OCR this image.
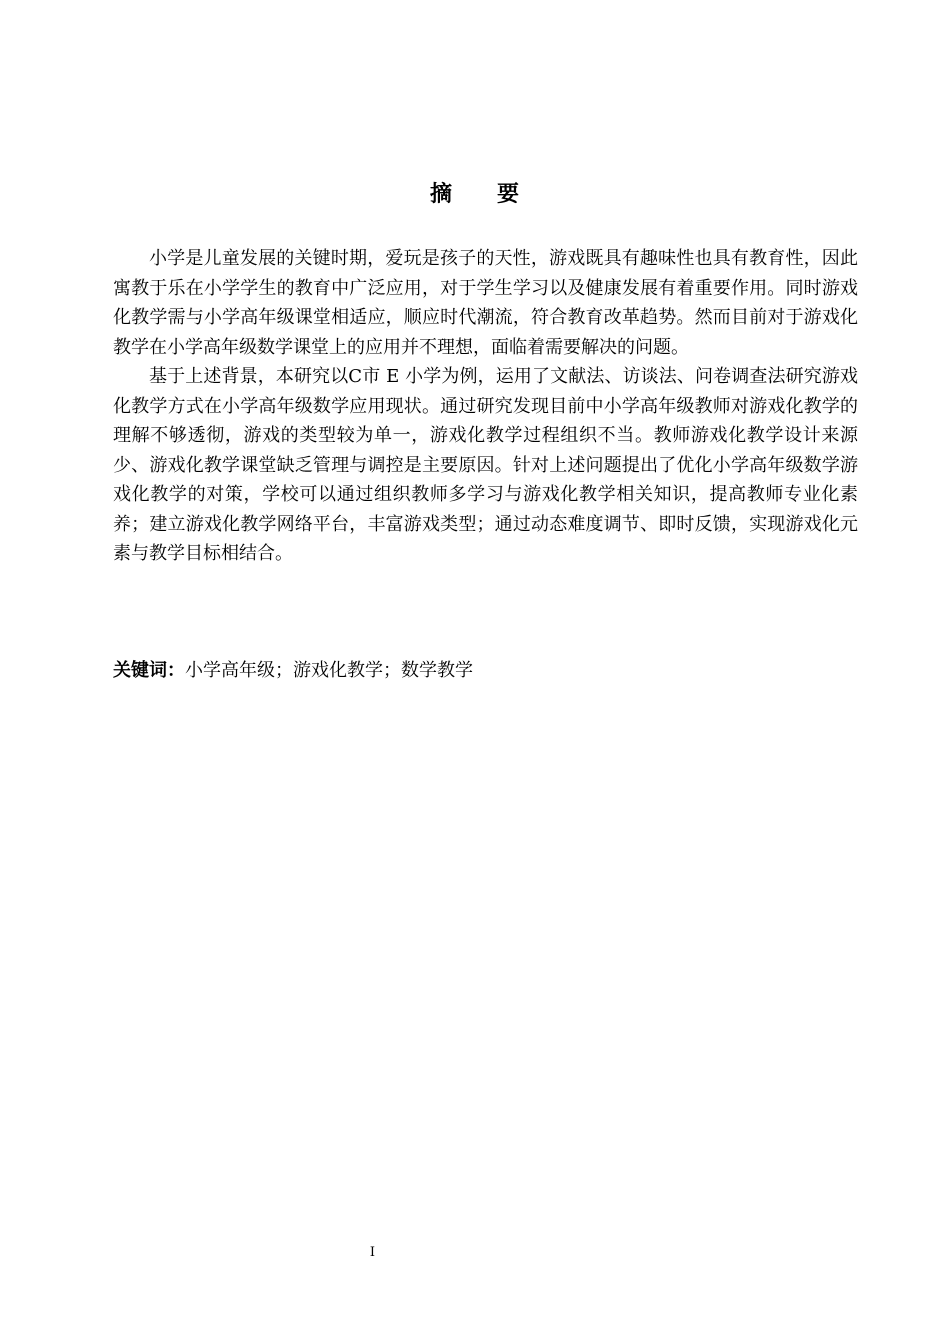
摘 要

小学是儿童发展的关键时期，爱玩是孩子的天性，游戏既具有趣味性也具有教育性，因此寓教于乐在小学学生的教育中广泛应用，对于学生学习以及健康发展有着重要作用。同时游戏化教学需与小学高年级课堂相适应，顺应时代潮流，符合教育改革趋势。然而目前对于游戏化教学在小学高年级数学课堂上的应用并不理想，面临着需要解决的问题。

基于上述背景，本研究以C市 E 小学为例，运用了文献法、访谈法、问卷调查法研究游戏化教学方式在小学高年级数学应用现状。通过研究发现目前中小学高年级教师对游戏化教学的理解不够透彻，游戏的类型较为单一，游戏化教学过程组织不当。教师游戏化教学设计来源少、游戏化教学课堂缺乏管理与调控是主要原因。针对上述问题提出了优化小学高年级数学游戏化教学的对策，学校可以通过组织教师多学习与游戏化教学相关知识，提高教师专业化素养；建立游戏化教学网络平台，丰富游戏类型；通过动态难度调节、即时反馈，实现游戏化元素与教学目标相结合。

关键词：小学高年级；游戏化教学；数学教学

I
